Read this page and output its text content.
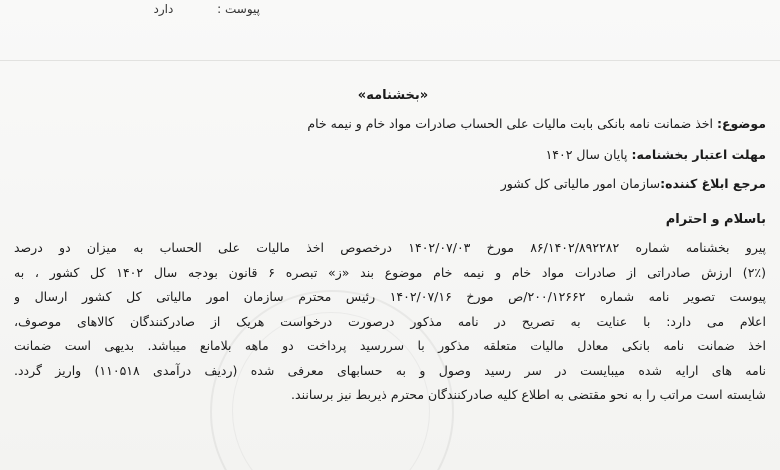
پیوست : دارد
«بخشنامه»
موضوع: اخذ ضمانت نامه بانکی بابت مالیات علی الحساب صادرات مواد خام و نیمه خام
مهلت اعتبار بخشنامه: پایان سال ۱۴۰۲
مرجع ابلاغ کننده:سازمان امور مالیاتی کل کشور
باسلام و احترام
پیرو بخشنامه شماره ۸۶/۱۴۰۲/۸۹۲۲۸۲ مورخ ۱۴۰۲/۰۷/۰۳ درخصوص اخذ مالیات علی الحساب به میزان دو درصد
(۲٪) ارزش صادراتی از صادرات مواد خام و نیمه خام موضوع بند «ز» تبصره ۶ قانون بودجه سال ۱۴۰۲ کل کشور ، به
پیوست تصویر نامه شماره ۲۰۰/۱۲۶۶۲/ص مورخ ۱۴۰۲/۰۷/۱۶ رئیس محترم سازمان امور مالیاتی کل کشور ارسال و
اعلام می دارد: با عنایت به تصریح در نامه مذکور درصورت درخواست هریک از صادرکنندگان کالاهای موصوف،
اخذ ضمانت نامه بانکی معادل مالیات متعلقه مذکور با سررسید پرداخت دو ماهه بلامانع میباشد. بدیهی است ضمانت
نامه های ارایه شده میبایست در سر رسید وصول و به حسابهای معرفی شده (ردیف درآمدی ۱۱۰۵۱۸) واریز گردد.
شایسته است مراتب را به نحو مقتضی به اطلاع کلیه صادرکنندگان محترم ذیربط نیز برسانند.
